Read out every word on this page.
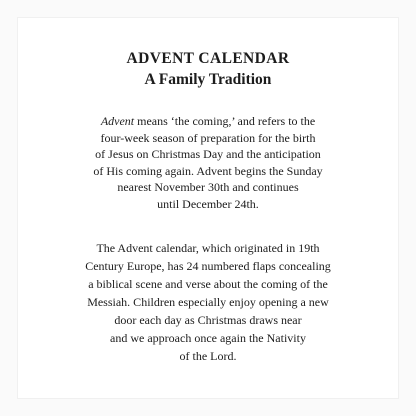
ADVENT CALENDAR
A Family Tradition
Advent means ‘the coming,’ and refers to the
four-week season of preparation for the birth
of Jesus on Christmas Day and the anticipation
of His coming again. Advent begins the Sunday
nearest November 30th and continues
until December 24th.
The Advent calendar, which originated in 19th
Century Europe, has 24 numbered flaps concealing
a biblical scene and verse about the coming of the
Messiah. Children especially enjoy opening a new
door each day as Christmas draws near
and we approach once again the Nativity
of the Lord.
